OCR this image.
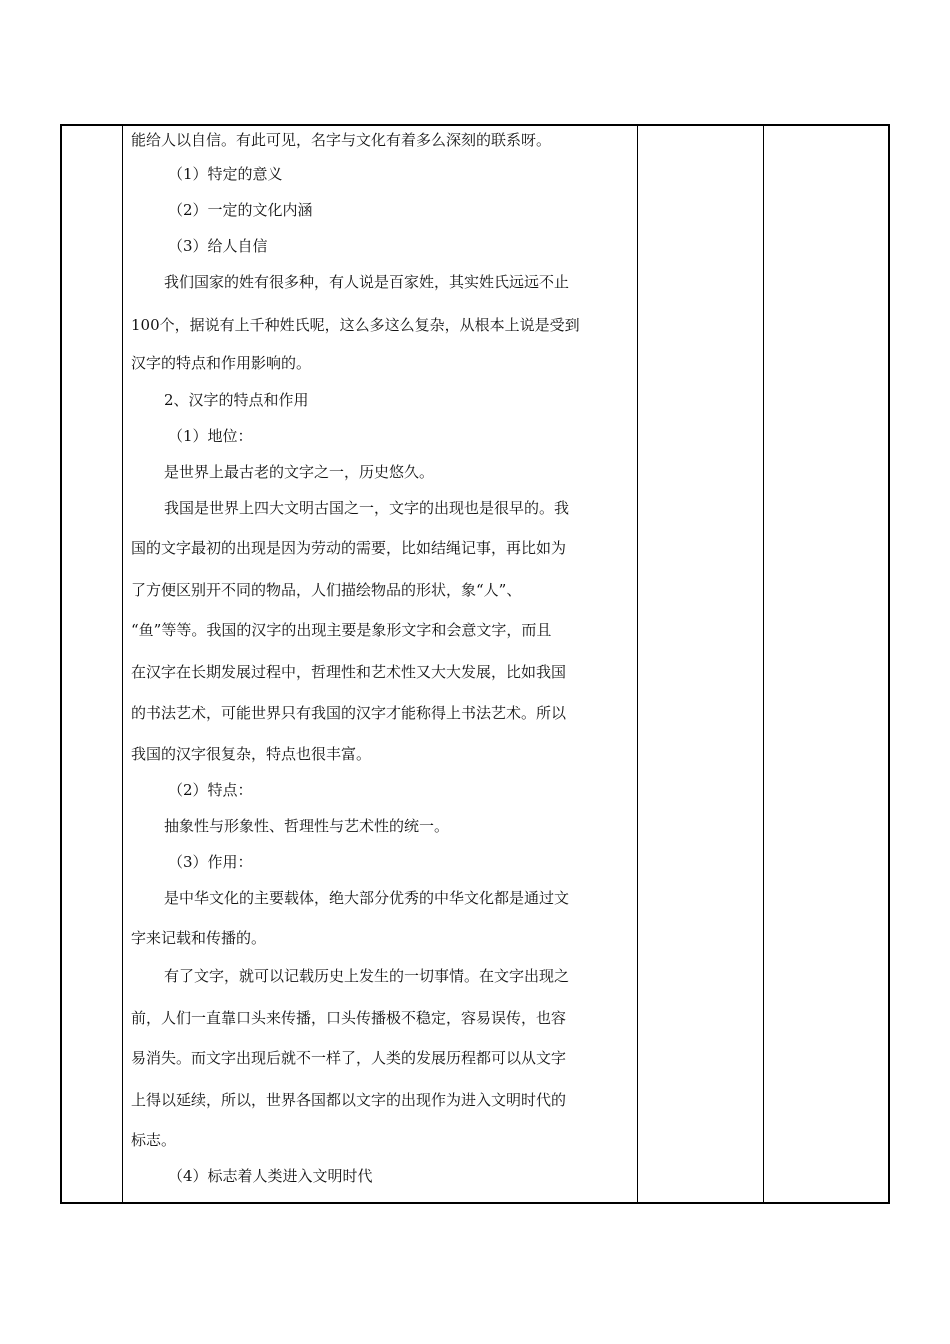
能给人以自信。有此可见，名字与文化有着多么深刻的联系呀。
（1）特定的意义
（2）一定的文化内涵
（3）给人自信
我们国家的姓有很多种，有人说是百家姓，其实姓氏远远不止
100个，据说有上千种姓氏呢，这么多这么复杂，从根本上说是受到
汉字的特点和作用影响的。
2、汉字的特点和作用
（1）地位：
是世界上最古老的文字之一，历史悠久。
我国是世界上四大文明古国之一，文字的出现也是很早的。我
国的文字最初的出现是因为劳动的需要，比如结绳记事，再比如为
了方便区别开不同的物品，人们描绘物品的形状，象“人”、
“鱼”等等。我国的汉字的出现主要是象形文字和会意文字，而且
在汉字在长期发展过程中，哲理性和艺术性又大大发展，比如我国
的书法艺术，可能世界只有我国的汉字才能称得上书法艺术。所以
我国的汉字很复杂，特点也很丰富。
（2）特点：
抽象性与形象性、哲理性与艺术性的统一。
（3）作用：
是中华文化的主要载体，绝大部分优秀的中华文化都是通过文
字来记载和传播的。
有了文字，就可以记载历史上发生的一切事情。在文字出现之
前，人们一直靠口头来传播，口头传播极不稳定，容易误传，也容
易消失。而文字出现后就不一样了，人类的发展历程都可以从文字
上得以延续，所以，世界各国都以文字的出现作为进入文明时代的
标志。
（4）标志着人类进入文明时代
